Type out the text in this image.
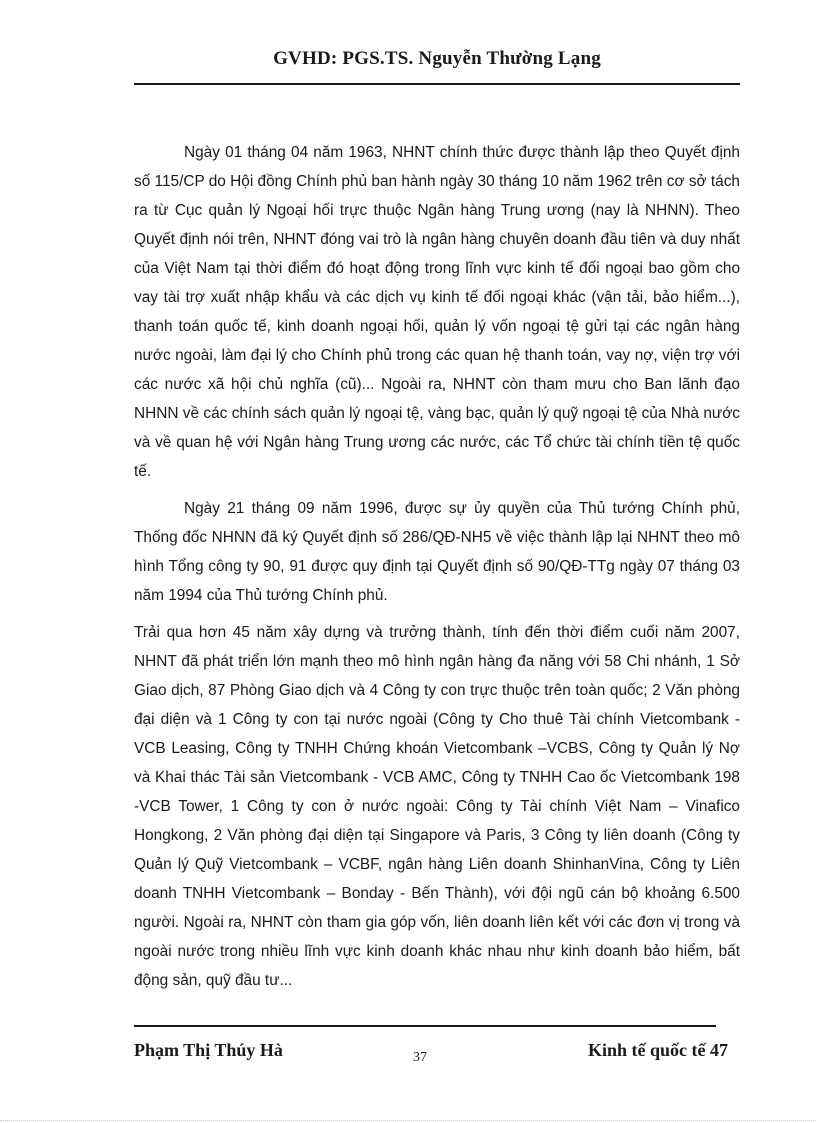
GVHD: PGS.TS. Nguyễn Thường Lạng

Ngày 01 tháng 04 năm 1963, NHNT chính thức được thành lập theo Quyết định số 115/CP do Hội đồng Chính phủ ban hành ngày 30 tháng 10 năm 1962 trên cơ sở tách ra từ Cục quản lý Ngoại hối trực thuộc Ngân hàng Trung ương (nay là NHNN). Theo Quyết định nói trên, NHNT đóng vai trò là ngân hàng chuyên doanh đầu tiên và duy nhất của Việt Nam tại thời điểm đó hoạt động trong lĩnh vực kinh tế đối ngoại bao gồm cho vay tài trợ xuất nhập khẩu và các dịch vụ kinh tế đối ngoại khác (vận tải, bảo hiểm...), thanh toán quốc tế, kinh doanh ngoại hối, quản lý vốn ngoại tệ gửi tại các ngân hàng nước ngoài, làm đại lý cho Chính phủ trong các quan hệ thanh toán, vay nợ, viện trợ với các nước xã hội chủ nghĩa (cũ)... Ngoài ra, NHNT còn tham mưu cho Ban lãnh đạo NHNN về các chính sách quản lý ngoại tệ, vàng bạc, quản lý quỹ ngoại tệ của Nhà nước và về quan hệ với Ngân hàng Trung ương các nước, các Tổ chức tài chính tiền tệ quốc tế.

Ngày 21 tháng 09 năm 1996, được sự ủy quyền của Thủ tướng Chính phủ, Thống đốc NHNN đã ký Quyết định số 286/QĐ-NH5 về việc thành lập lại NHNT theo mô hình Tổng công ty 90, 91 được quy định tại Quyết định số 90/QĐ-TTg ngày 07 tháng 03 năm 1994 của Thủ tướng Chính phủ.

Trải qua hơn 45 năm xây dựng và trưởng thành, tính đến thời điểm cuối năm 2007, NHNT đã phát triển lớn mạnh theo mô hình ngân hàng đa năng với 58 Chi nhánh, 1 Sở Giao dịch, 87 Phòng Giao dịch và 4 Công ty con trực thuộc trên toàn quốc; 2 Văn phòng đại diện và 1 Công ty con tại nước ngoài (Công ty Cho thuê Tài chính Vietcombank - VCB Leasing, Công ty TNHH Chứng khoán Vietcombank –VCBS, Công ty Quản lý Nợ và Khai thác Tài sản Vietcombank - VCB AMC, Công ty TNHH Cao ốc Vietcombank 198 -VCB Tower, 1 Công ty con ở nước ngoài: Công ty Tài chính Việt Nam – Vinafico Hongkong, 2 Văn phòng đại diện tại Singapore và Paris, 3 Công ty liên doanh (Công ty Quản lý Quỹ Vietcombank – VCBF, ngân hàng Liên doanh ShinhanVina, Công ty Liên doanh TNHH Vietcombank – Bonday - Bến Thành), với đội ngũ cán bộ khoảng 6.500 người. Ngoài ra, NHNT còn tham gia góp vốn, liên doanh liên kết với các đơn vị trong và ngoài nước trong nhiều lĩnh vực kinh doanh khác nhau như kinh doanh bảo hiểm, bất động sản, quỹ đầu tư...

Phạm Thị Thúy Hà	37	Kinh tế quốc tế 47
